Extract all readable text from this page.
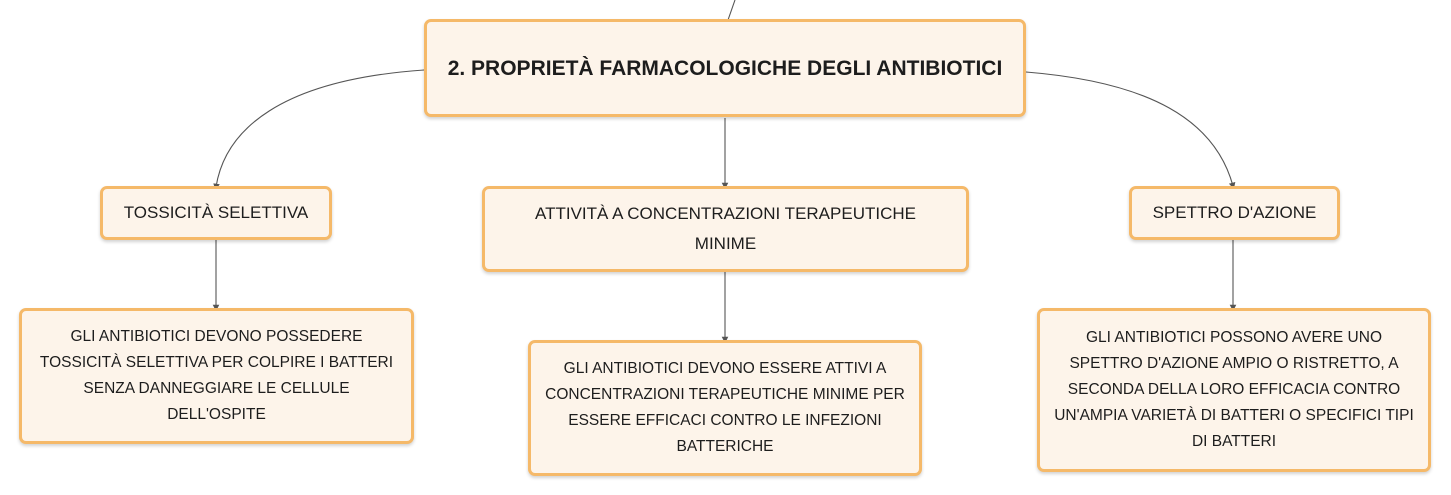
2. PROPRIETÀ FARMACOLOGICHE DEGLI ANTIBIOTICI
TOSSICITÀ SELETTIVA	ATTIVITÀ A CONCENTRAZIONI TERAPEUTICHE MINIME
SPETTRO D'AZIONE
GLI ANTIBIOTICI DEVONO POSSEDERE TOSSICITÀ SELETTIVA PER COLPIRE I BATTERI SENZA DANNEGGIARE LE CELLULE DELL'OSPITE
GLI ANTIBIOTICI DEVONO ESSERE ATTIVI A CONCENTRAZIONI TERAPEUTICHE MINIME PER ESSERE EFFICACI CONTRO LE INFEZIONI BATTERICHE
GLI ANTIBIOTICI POSSONO AVERE UNO SPETTRO D'AZIONE AMPIO O RISTRETTO, A SECONDA DELLA LORO EFFICACIA CONTRO UN'AMPIA VARIETÀ DI BATTERI O SPECIFICI TIPI DI BATTERI
